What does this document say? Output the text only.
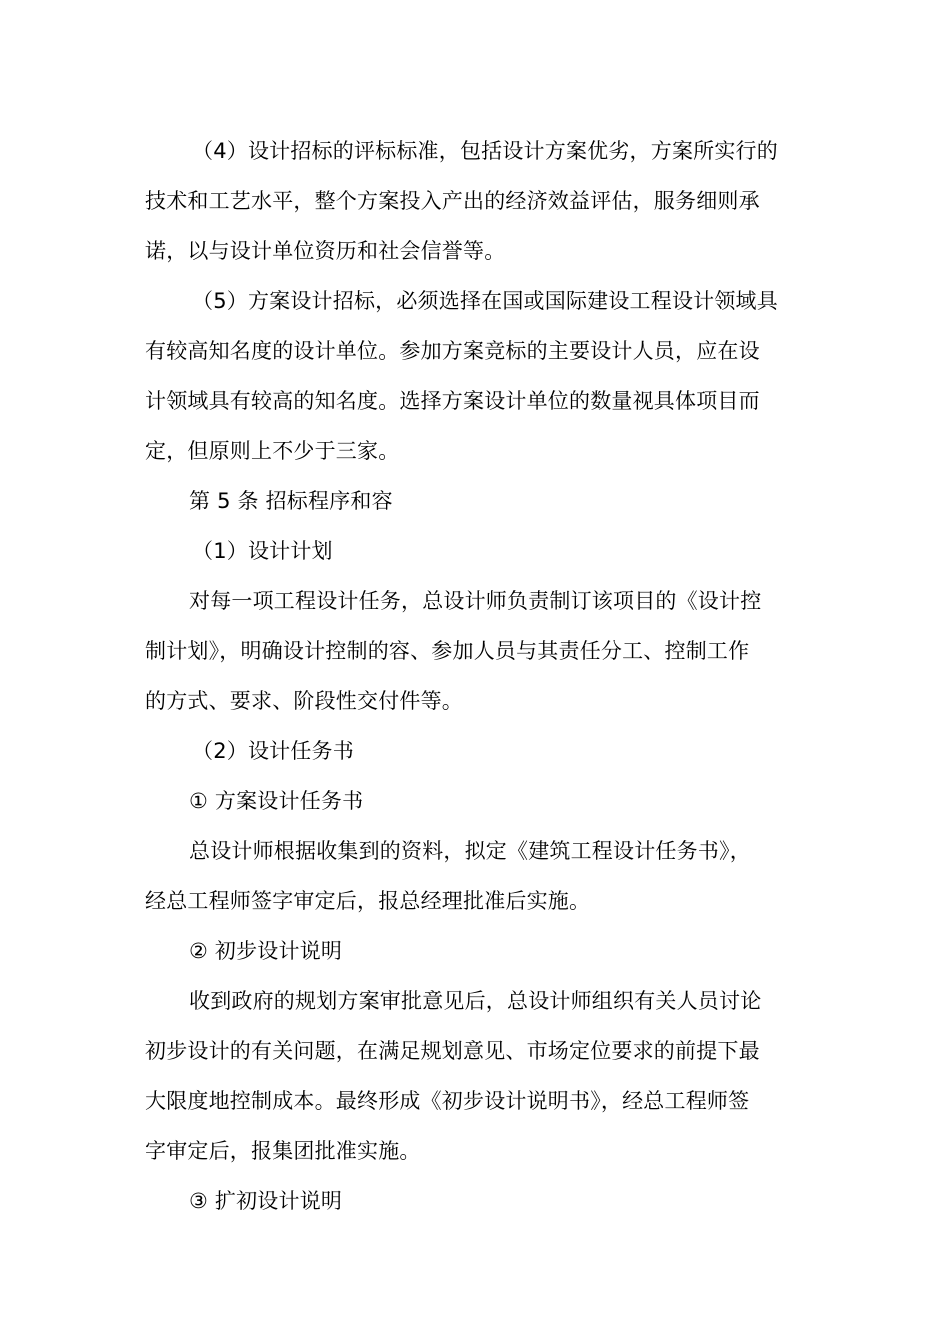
（4）设计招标的评标标准，包括设计方案优劣，方案所实行的
技术和工艺水平，整个方案投入产出的经济效益评估，服务细则承
诺，以与设计单位资历和社会信誉等。
（5）方案设计招标，必须选择在国或国际建设工程设计领域具
有较高知名度的设计单位。参加方案竞标的主要设计人员，应在设
计领域具有较高的知名度。选择方案设计单位的数量视具体项目而
定，但原则上不少于三家。
第 5 条 招标程序和容
（1）设计计划
对每一项工程设计任务，总设计师负责制订该项目的《设计控
制计划》，明确设计控制的容、参加人员与其责任分工、控制工作
的方式、要求、阶段性交付件等。
（2）设计任务书
① 方案设计任务书
总设计师根据收集到的资料，拟定《建筑工程设计任务书》，
经总工程师签字审定后，报总经理批准后实施。
② 初步设计说明
收到政府的规划方案审批意见后，总设计师组织有关人员讨论
初步设计的有关问题，在满足规划意见、市场定位要求的前提下最
大限度地控制成本。最终形成《初步设计说明书》，经总工程师签
字审定后，报集团批准实施。
③ 扩初设计说明
